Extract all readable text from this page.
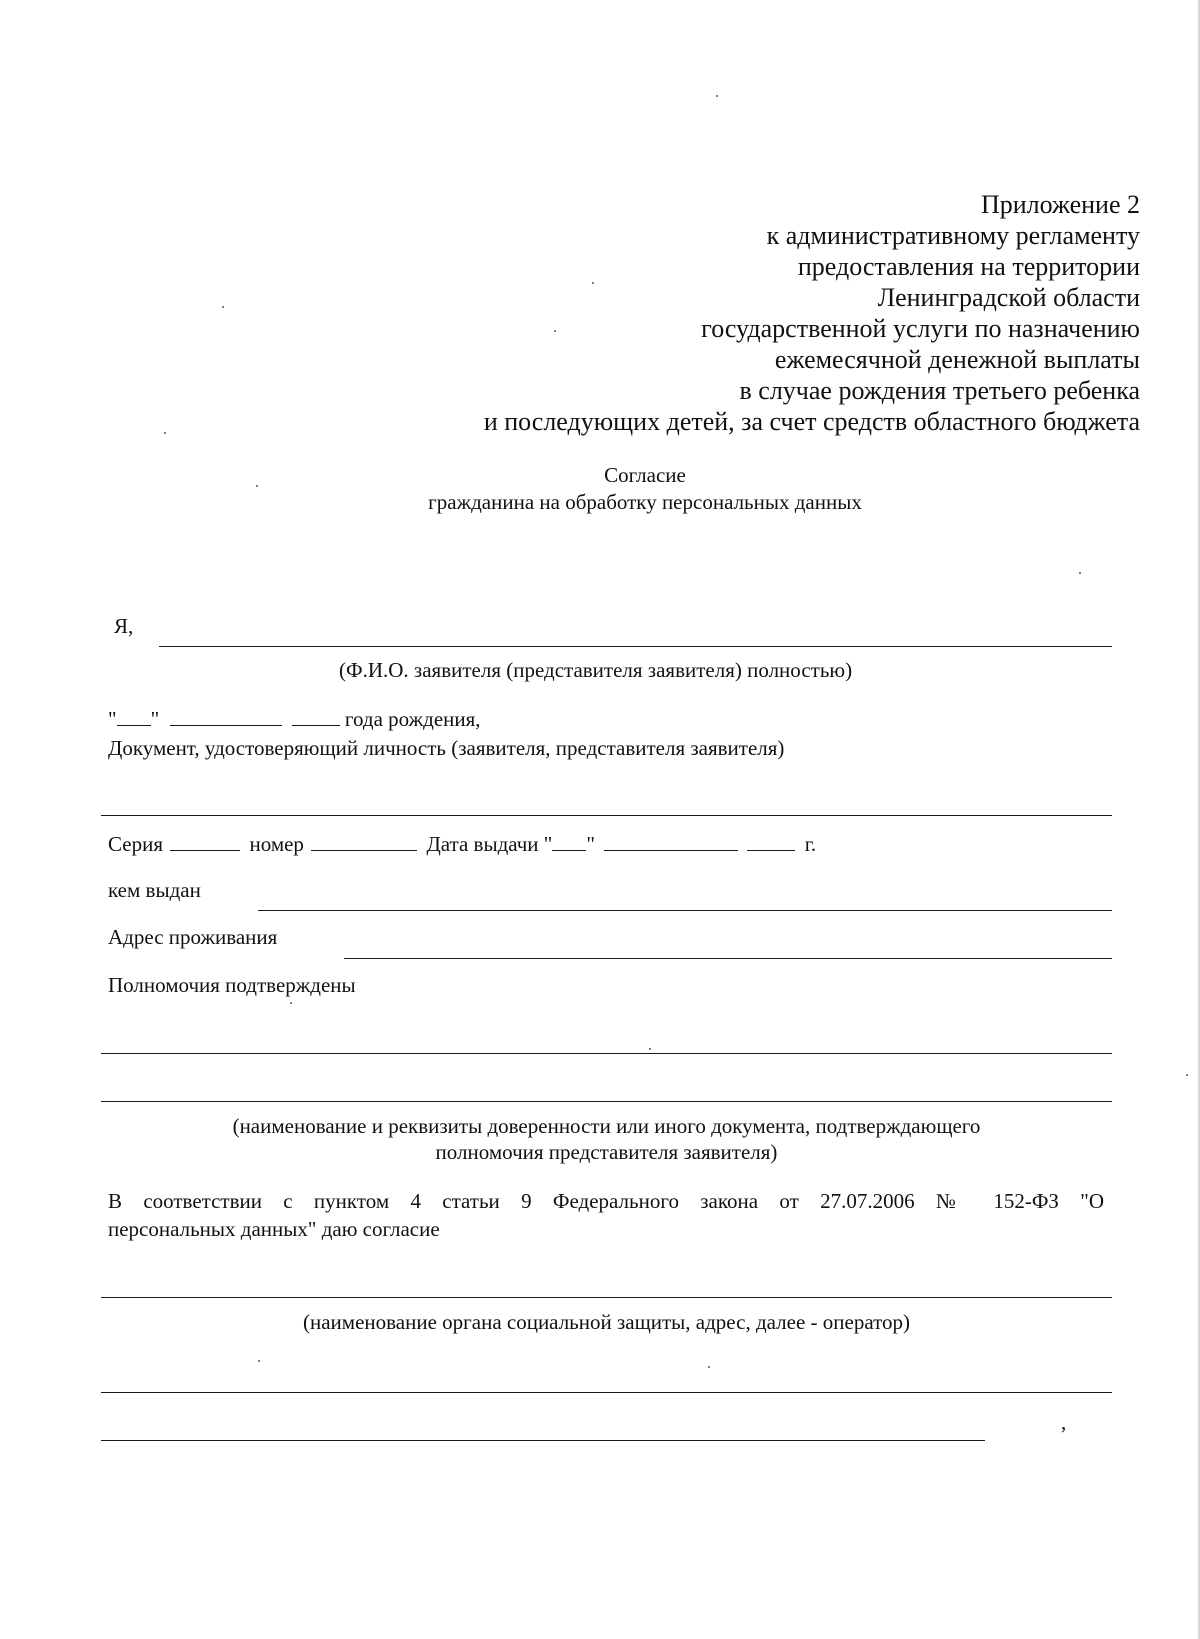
Приложение 2
к административному регламенту
предоставления на территории
Ленинградской области
государственной услуги по назначению
ежемесячной денежной выплаты
в случае рождения третьего ребенка
и последующих детей, за счет средств областного бюджета
Согласие
гражданина на обработку персональных данных
Я,
(Ф.И.О. заявителя (представителя заявителя) полностью)
" "	года рождения,
Документ, удостоверяющий личность (заявителя, представителя заявителя)
Серия	номер	Дата выдачи " "	г.
кем выдан
Адрес проживания
Полномочия подтверждены
(наименование и реквизиты доверенности или иного документа, подтверждающего
полномочия представителя заявителя)
В соответствии с пунктом 4 статьи 9 Федерального закона от 27.07.2006 № 152-ФЗ "О
персональных данных" даю согласие
(наименование органа социальной защиты, адрес, далее - оператор)
,
